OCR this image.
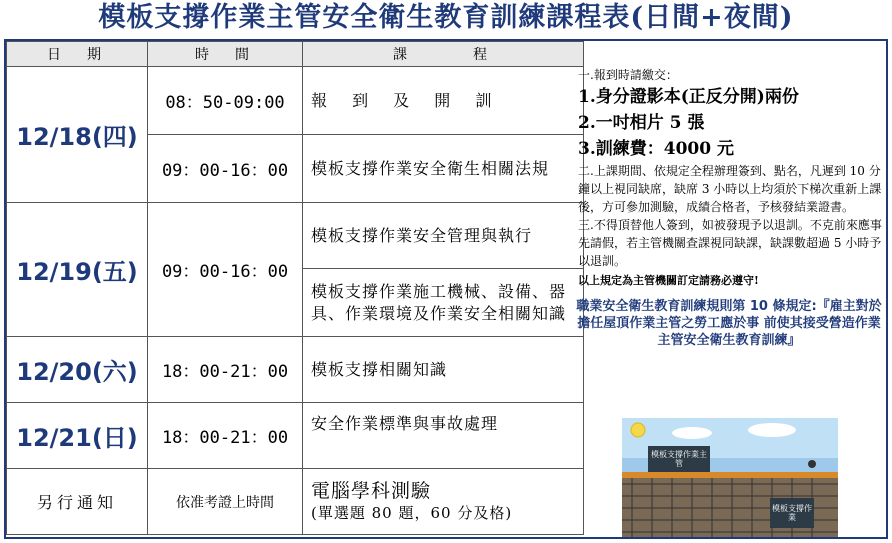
模板支撐作業主管安全衛生教育訓練課程表(日間+夜間)
日　期	時　間	課　　　程
12/18(四)	08：50-09:00	報 到 及 開 訓
	09：00-16：00	模板支撐作業安全衛生相關法規
12/19(五)	09：00-16：00	模板支撐作業安全管理與執行
		模板支撐作業施工機械、設備、器具、作業環境及作業安全相關知識
12/20(六)	18：00-21：00	模板支撐相關知識
12/21(日)	18：00-21：00	安全作業標準與事故處理
另行通知	依准考證上時間	電腦學科測驗
(單選題 80 題，60 分及格)
一.報到時請繳交：
1.身分證影本(正反分開)兩份
2.一吋相片 5 張
3.訓練費：4000 元
二.上課期間、依規定全程辦理簽到、點名，凡遲到 10 分鐘以上視同缺席，缺席 3 小時以上均須於下梯次重新上課後，方可參加測驗，成績合格者，予核發結業證書。
三.不得頂替他人簽到，如被發現予以退訓。不克前來應事先請假，若主管機關查課視同缺課，缺課數超過 5 小時予以退訓。
以上規定為主管機關訂定請務必遵守!
職業安全衛生教育訓練規則第 10 條規定:『雇主對於擔任屋頂作業主管之勞工應於事 前使其接受營造作業主管安全衛生教育訓練』
模板支撐作業主管
模板支撐作業
